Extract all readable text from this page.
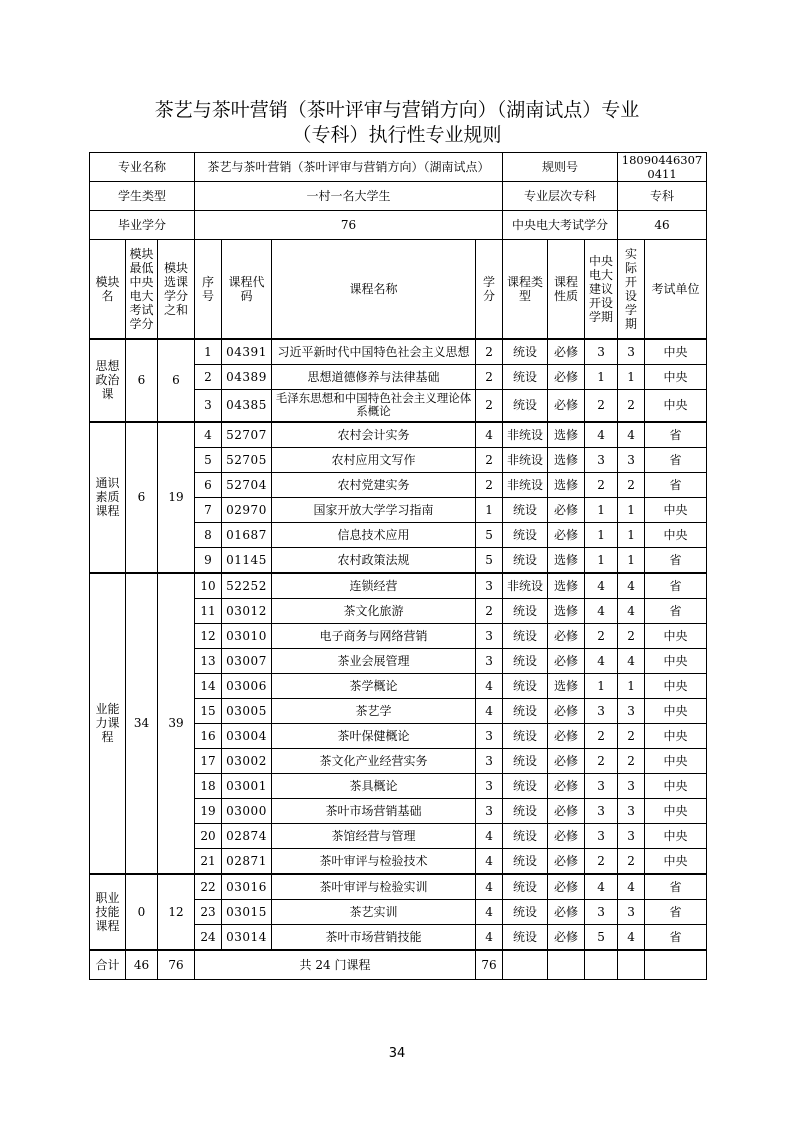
茶艺与茶叶营销（茶叶评审与营销方向）（湖南试点）专业
（专科）执行性专业规则
专业名称			茶艺与茶叶营销（茶叶评审与营销方向）（湖南试点）				规则号			180904463070411	
学生类型			一村一名大学生				专业层次专科			专科	
毕业学分			76				中央电大考试学分			46	
模块名	模块最低中央电大考试学分	模块选课学分之和	序号	课程代码	课程名称	学分	课程类型	课程性质	中央电大建议开设学期	实际开设学期	考试单位
思想政治课	6	6	1	04391	习近平新时代中国特色社会主义思想	2	统设	必修	3	3	中央
			2	04389	思想道德修养与法律基础	2	统设	必修	1	1	中央
			3	04385	毛泽东思想和中国特色社会主义理论体系概论	2	统设	必修	2	2	中央
通识素质课程	6	19	4	52707	农村会计实务	4	非统设	选修	4	4	省
			5	52705	农村应用文写作	2	非统设	选修	3	3	省
			6	52704	农村党建实务	2	非统设	选修	2	2	省
			7	02970	国家开放大学学习指南	1	统设	必修	1	1	中央
			8	01687	信息技术应用	5	统设	必修	1	1	中央
			9	01145	农村政策法规	5	统设	选修	1	1	省
业能力课程	34	39	10	52252	连锁经营	3	非统设	选修	4	4	省
			11	03012	茶文化旅游	2	统设	选修	4	4	省
			12	03010	电子商务与网络营销	3	统设	必修	2	2	中央
			13	03007	茶业会展管理	3	统设	必修	4	4	中央
			14	03006	茶学概论	4	统设	选修	1	1	中央
			15	03005	茶艺学	4	统设	必修	3	3	中央
			16	03004	茶叶保健概论	3	统设	必修	2	2	中央
			17	03002	茶文化产业经营实务	3	统设	必修	2	2	中央
			18	03001	茶具概论	3	统设	必修	3	3	中央
			19	03000	茶叶市场营销基础	3	统设	必修	3	3	中央
			20	02874	茶馆经营与管理	4	统设	必修	3	3	中央
			21	02871	茶叶审评与检验技术	4	统设	必修	2	2	中央
职业技能课程	0	12	22	03016	茶叶审评与检验实训	4	统设	必修	4	4	省
			23	03015	茶艺实训	4	统设	必修	3	3	省
			24	03014	茶叶市场营销技能	4	统设	必修	5	4	省
合计	46	76	共 24 门课程			76					
34
